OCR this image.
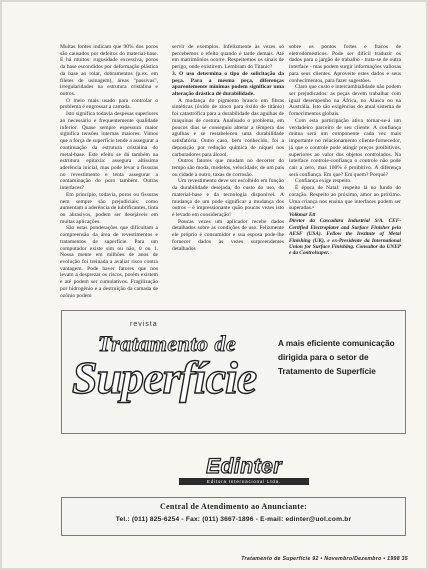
Muitas fontes indicam que 90% dos poros são causados por defeitos do material-base. E há muitos: rugosidade excessiva, poros da base escondidos por deformação plástica da base ao rolar, dobramentos (p.ex. em filetes de usinagem), áreas "passivas", irregularidades na estrutura cristalina e outros.

O meio mais usado para controlar o problema é engrossar a camada.

Isto significa todavia despesas superiores ao necessário e frequentemente qualidade inferior. Quase sempre espessura maior significa tensões internas maiores. Vimos que a força de superfície tende a assegurar a continuação da estrutura cristalina do metal-base. Este efeito se dá também na estrutura epitaxia: assegura altíssima aderência inicial, mas pode levar a fissuras no revestimento e tenta assegurar a contaminação do poro também. Outras interfaces?

Em princípio, todavia, poros ou fissuras nem sempre são prejudiciais: como aumentam a aderência de lubrificantes, tinta ou abrasivos, podem ser desejáveis em muitas aplicações.

São estas ponderações que dificultam a compreensão da área de revestimentos e tratamentos de superfície. Para um computador existe sim ou não, 0 ou 1. Nossa mente em milhões de anos de evolução foi treinada a avaliar risco contra vantagem. Pode haver fatores que nos levam a desprezar os riscos, porém existem e até podem ser cumulativos. Fragilização por hidrogênio e a destruição da camada de ozônio podem

servir de exemplos. Infelizmente às vezes só percebemos o efeito quando é tarde demais. Até em matrimônios ocorre. Respeitemos os sinais de perigo, onde existirem. Lembram do Titanic?

3. O uso determina o tipo de solicitação da peça. Para a mesma peça, diferenças aparentemente mínimas podem significar uma alteração drástica de durabilidade.

A mudança do pigmento branco em fibras sintéticas (óxido de zinco para óxido de titânio) foi catastrófica para a durabilidade das agulhas de máquinas de costura. Analisado o problema, em poucos dias se conseguiu alterar a têmpera das agulhas e se restabeleceu uma durabilidade satisfatória. Outro caso, bem conhecido, foi a deposição por redução química de níquel nos carburadores para álcool.

Outros fatores que mudam no decorrer do tempo são moda, modelos, velocidade; de um país ou cidade a outro, taxas de corrosão.

Um revestimento deve ser escolhido em função da durabilidade desejada, do custo do uso, do material-base e da tecnologia disponível. A mudança de um pode significar a mudança dos outros – é impressionante quão poucas vezes isto é levado em consideração!

Poucas vezes um aplicador recebe dados detalhados sobre as condições de uso. Felizmente ele próprio é consumidor e sua esposa pode-lhe fornecer dados às vezes surpreendentes detalhados

sobre os pontos fortes e fracos de eletrodomésticos. Pode ser difícil traduzir os dados para o jargão de trabalho - trata-se de outra interface - mas podem surgir informações valiosas para seus clientes. Aproveite estes dados e seus conhecimentos, para fazer sugestões.

Claro que custo e intercambialidade não podem ser prejudicados: as peças devem trabalhar com igual desempenho na África, no Alasca ou na Austrália. Isto são exigências do atual sistema de fornecimentos globais.

Com esta participação ativa tornar-se-á um verdadeiro parceiro de seu cliente. A confiança mútua será um componente cada vez mais importante no relacionamento cliente-fornecedor, já que o controle pode atingir preços proibitivos, superiores ao valor dos objetos controlados. Na interface controle-confiança o controle não pode cair a zero, mas 100% é proibitivo. A diferença será confiança. Em que? Em quem? Porquê?

Confiança exige respeito.

É época de Natal: respeito lá no fundo do coração. Respeito ao próximo, amor ao próximo. Uma criança nos ensina que interfaces podem ser superadas.•

Volkmar Ett

Diretor da Cascadura Industrial S/A. CEF-Certified Electroplater and Surface Finisher pela AESF (USA). Fellow the Institute of Metal Finishing (UK), e ex-Presidente da International Union for Surface Finishing. Consultor da UNEP e da Controlsuper.

revista
Tratamento de
Superfície
A mais eficiente comunicação dirigida para o setor de Tratamento de Superfície
Edinter
Editora Internacional Ltda.
Central de Atendimento ao Anunciante:
Tel.: (011) 825-6254 - Fax: (011) 3667-1896 - E-mail: edinter@uol.com.br
Tratamento de Superfície 92 • Novembro/Dezembro • 1998 35
